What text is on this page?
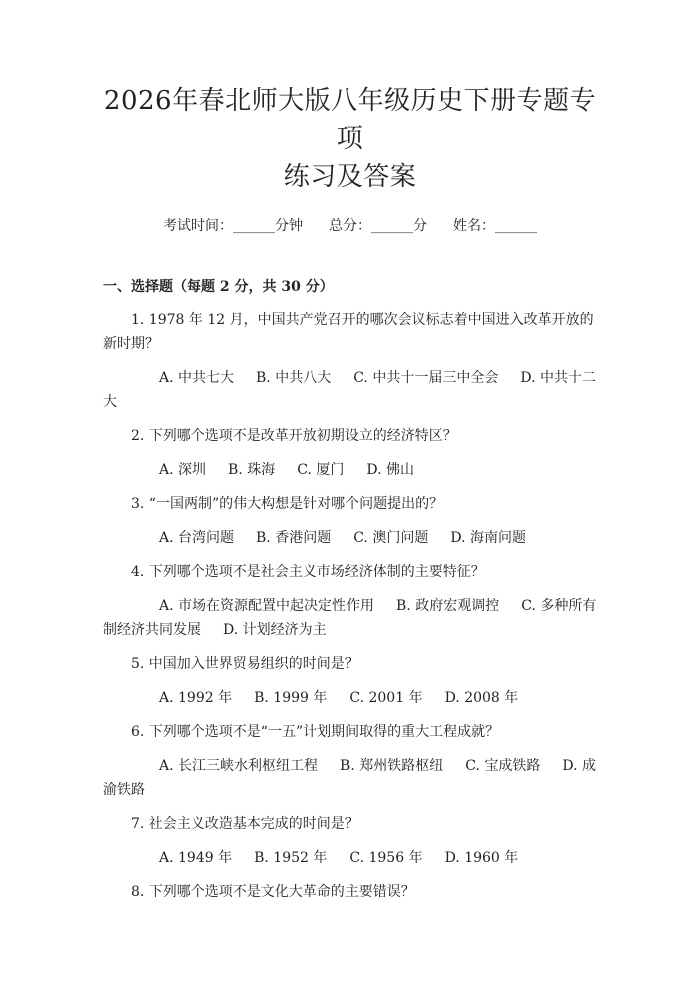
2026年春北师大版八年级历史下册专题专项
练习及答案
考试时间：______分钟 总分：______分 姓名：______
一、选择题（每题 2 分，共 30 分）
1. 1978 年 12 月，中国共产党召开的哪次会议标志着中国进入改革开放的新时期？
A. 中共七大 B. 中共八大 C. 中共十一届三中全会 D. 中共十二大
2. 下列哪个选项不是改革开放初期设立的经济特区？
A. 深圳 B. 珠海 C. 厦门 D. 佛山
3. “一国两制”的伟大构想是针对哪个问题提出的？
A. 台湾问题 B. 香港问题 C. 澳门问题 D. 海南问题
4. 下列哪个选项不是社会主义市场经济体制的主要特征？
A. 市场在资源配置中起决定性作用 B. 政府宏观调控 C. 多种所有制经济共同发展 D. 计划经济为主
5. 中国加入世界贸易组织的时间是？
A. 1992 年 B. 1999 年 C. 2001 年 D. 2008 年
6. 下列哪个选项不是“一五”计划期间取得的重大工程成就？
A. 长江三峡水利枢纽工程 B. 郑州铁路枢纽 C. 宝成铁路 D. 成渝铁路
7. 社会主义改造基本完成的时间是？
A. 1949 年 B. 1952 年 C. 1956 年 D. 1960 年
8. 下列哪个选项不是文化大革命的主要错误？
